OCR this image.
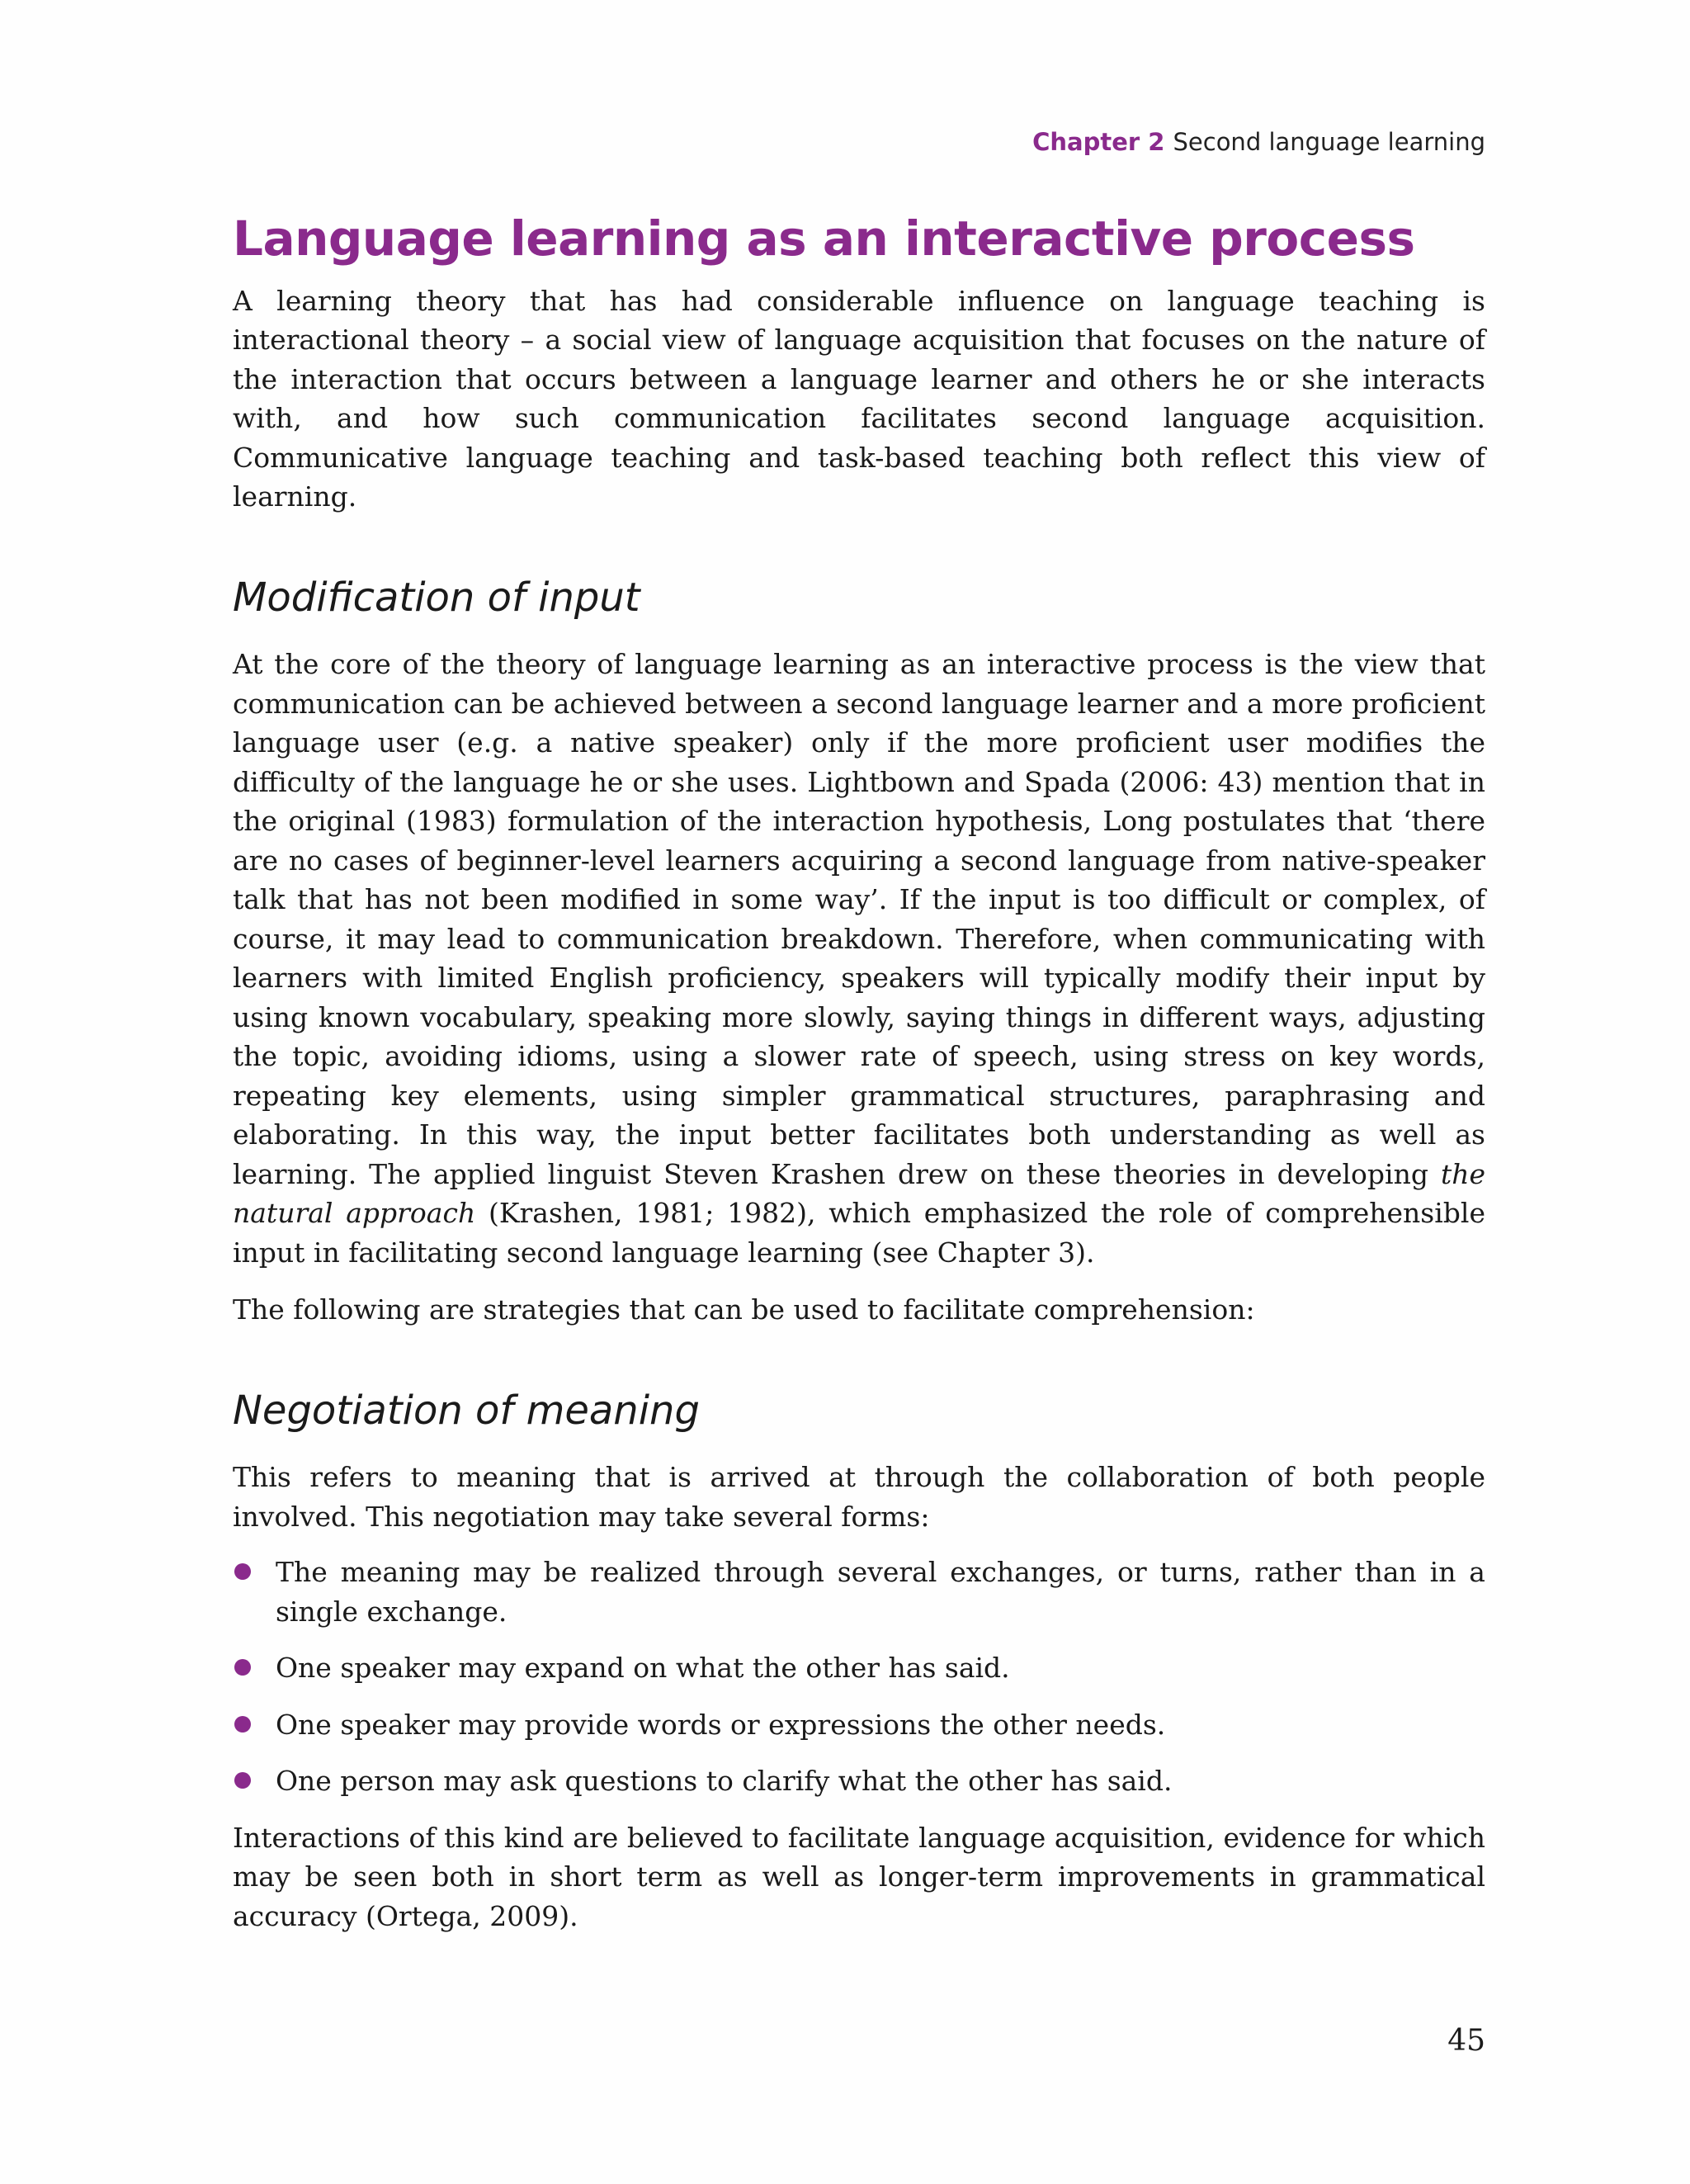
Chapter 2 Second language learning
Language learning as an interactive process

A learning theory that has had considerable influence on language teaching is interactional theory – a social view of language acquisition that focuses on the nature of the interaction that occurs between a language learner and others he or she interacts with, and how such communication facilitates second language acquisition. Communicative language teaching and task-based teaching both reflect this view of learning.

Modification of input

At the core of the theory of language learning as an interactive process is the view that communication can be achieved between a second language learner and a more proficient language user (e.g. a native speaker) only if the more proficient user modifies the difficulty of the language he or she uses. Lightbown and Spada (2006: 43) mention that in the original (1983) formulation of the interaction hypothesis, Long postulates that ‘there are no cases of beginner-level learners acquiring a second language from native-speaker talk that has not been modified in some way’. If the input is too difficult or complex, of course, it may lead to communication breakdown. Therefore, when communicating with learners with limited English proficiency, speakers will typically modify their input by using known vocabulary, speaking more slowly, saying things in different ways, adjusting the topic, avoiding idioms, using a slower rate of speech, using stress on key words, repeating key elements, using simpler grammatical structures, paraphrasing and elaborating. In this way, the input better facilitates both understanding as well as learning. The applied linguist Steven Krashen drew on these theories in developing the natural approach (Krashen, 1981; 1982), which emphasized the role of comprehensible input in facilitating second language learning (see Chapter 3).

The following are strategies that can be used to facilitate comprehension:

Negotiation of meaning

This refers to meaning that is arrived at through the collaboration of both people involved. This negotiation may take several forms:

The meaning may be realized through several exchanges, or turns, rather than in a single exchange.

One speaker may expand on what the other has said.

One speaker may provide words or expressions the other needs.

One person may ask questions to clarify what the other has said.

Interactions of this kind are believed to facilitate language acquisition, evidence for which may be seen both in short term as well as longer-term improvements in grammatical accuracy (Ortega, 2009).

45
